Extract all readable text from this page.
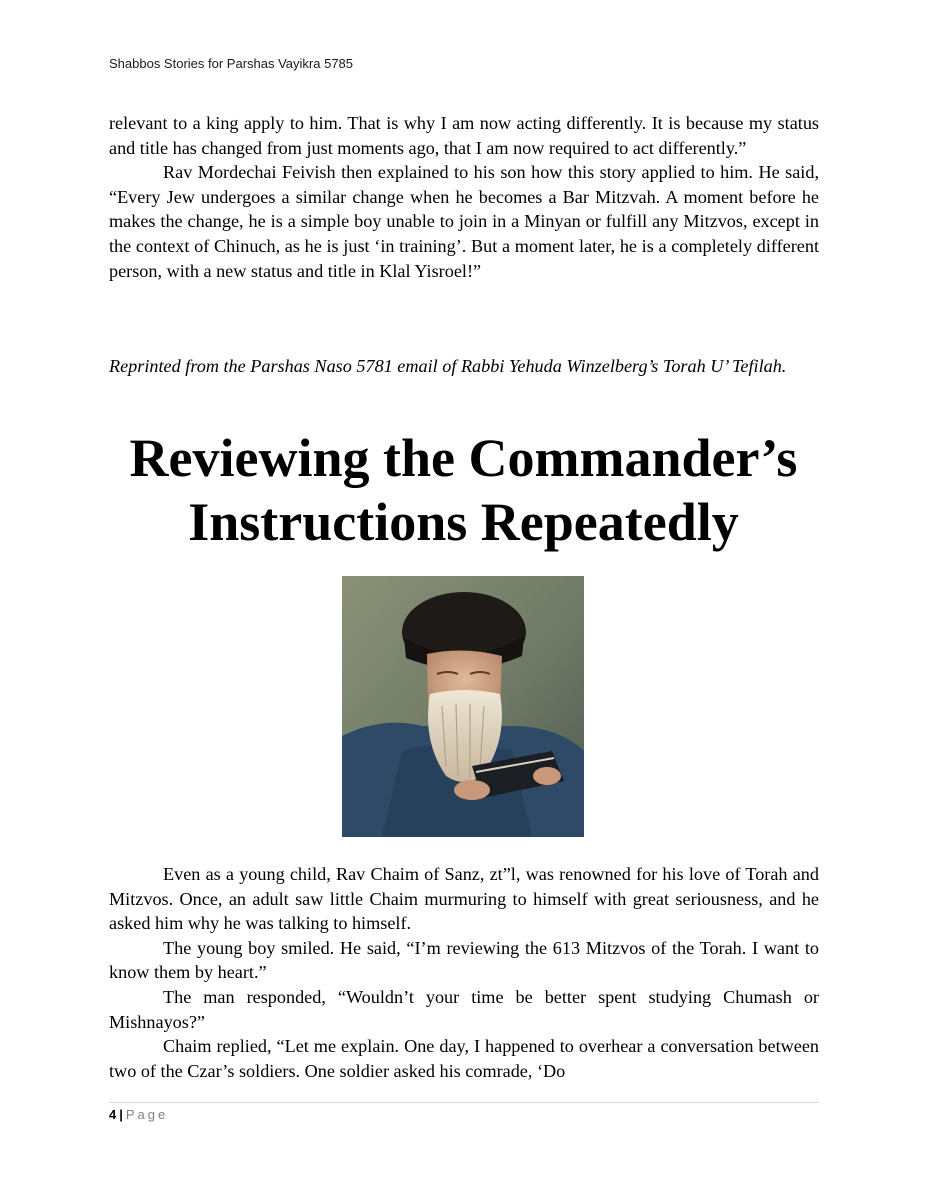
Shabbos Stories for Parshas Vayikra 5785

relevant to a king apply to him. That is why I am now acting differently. It is because my status and title has changed from just moments ago, that I am now required to act differently.”

Rav Mordechai Feivish then explained to his son how this story applied to him. He said, “Every Jew undergoes a similar change when he becomes a Bar Mitzvah. A moment before he makes the change, he is a simple boy unable to join in a Minyan or fulfill any Mitzvos, except in the context of Chinuch, as he is just ‘in training’. But a moment later, he is a completely different person, with a new status and title in Klal Yisroel!”

Reprinted from the Parshas Naso 5781 email of Rabbi Yehuda Winzelberg’s Torah U’ Tefilah.

Reviewing the Commander’s
Instructions Repeatedly

Even as a young child, Rav Chaim of Sanz, zt”l, was renowned for his love of Torah and Mitzvos. Once, an adult saw little Chaim murmuring to himself with great seriousness, and he asked him why he was talking to himself.

The young boy smiled. He said, “I’m reviewing the 613 Mitzvos of the Torah. I want to know them by heart.”

The man responded, “Wouldn’t your time be better spent studying Chumash or Mishnayos?”

Chaim replied, “Let me explain. One day, I happened to overhear a conversation between two of the Czar’s soldiers. One soldier asked his comrade, ‘Do

4 | Page
